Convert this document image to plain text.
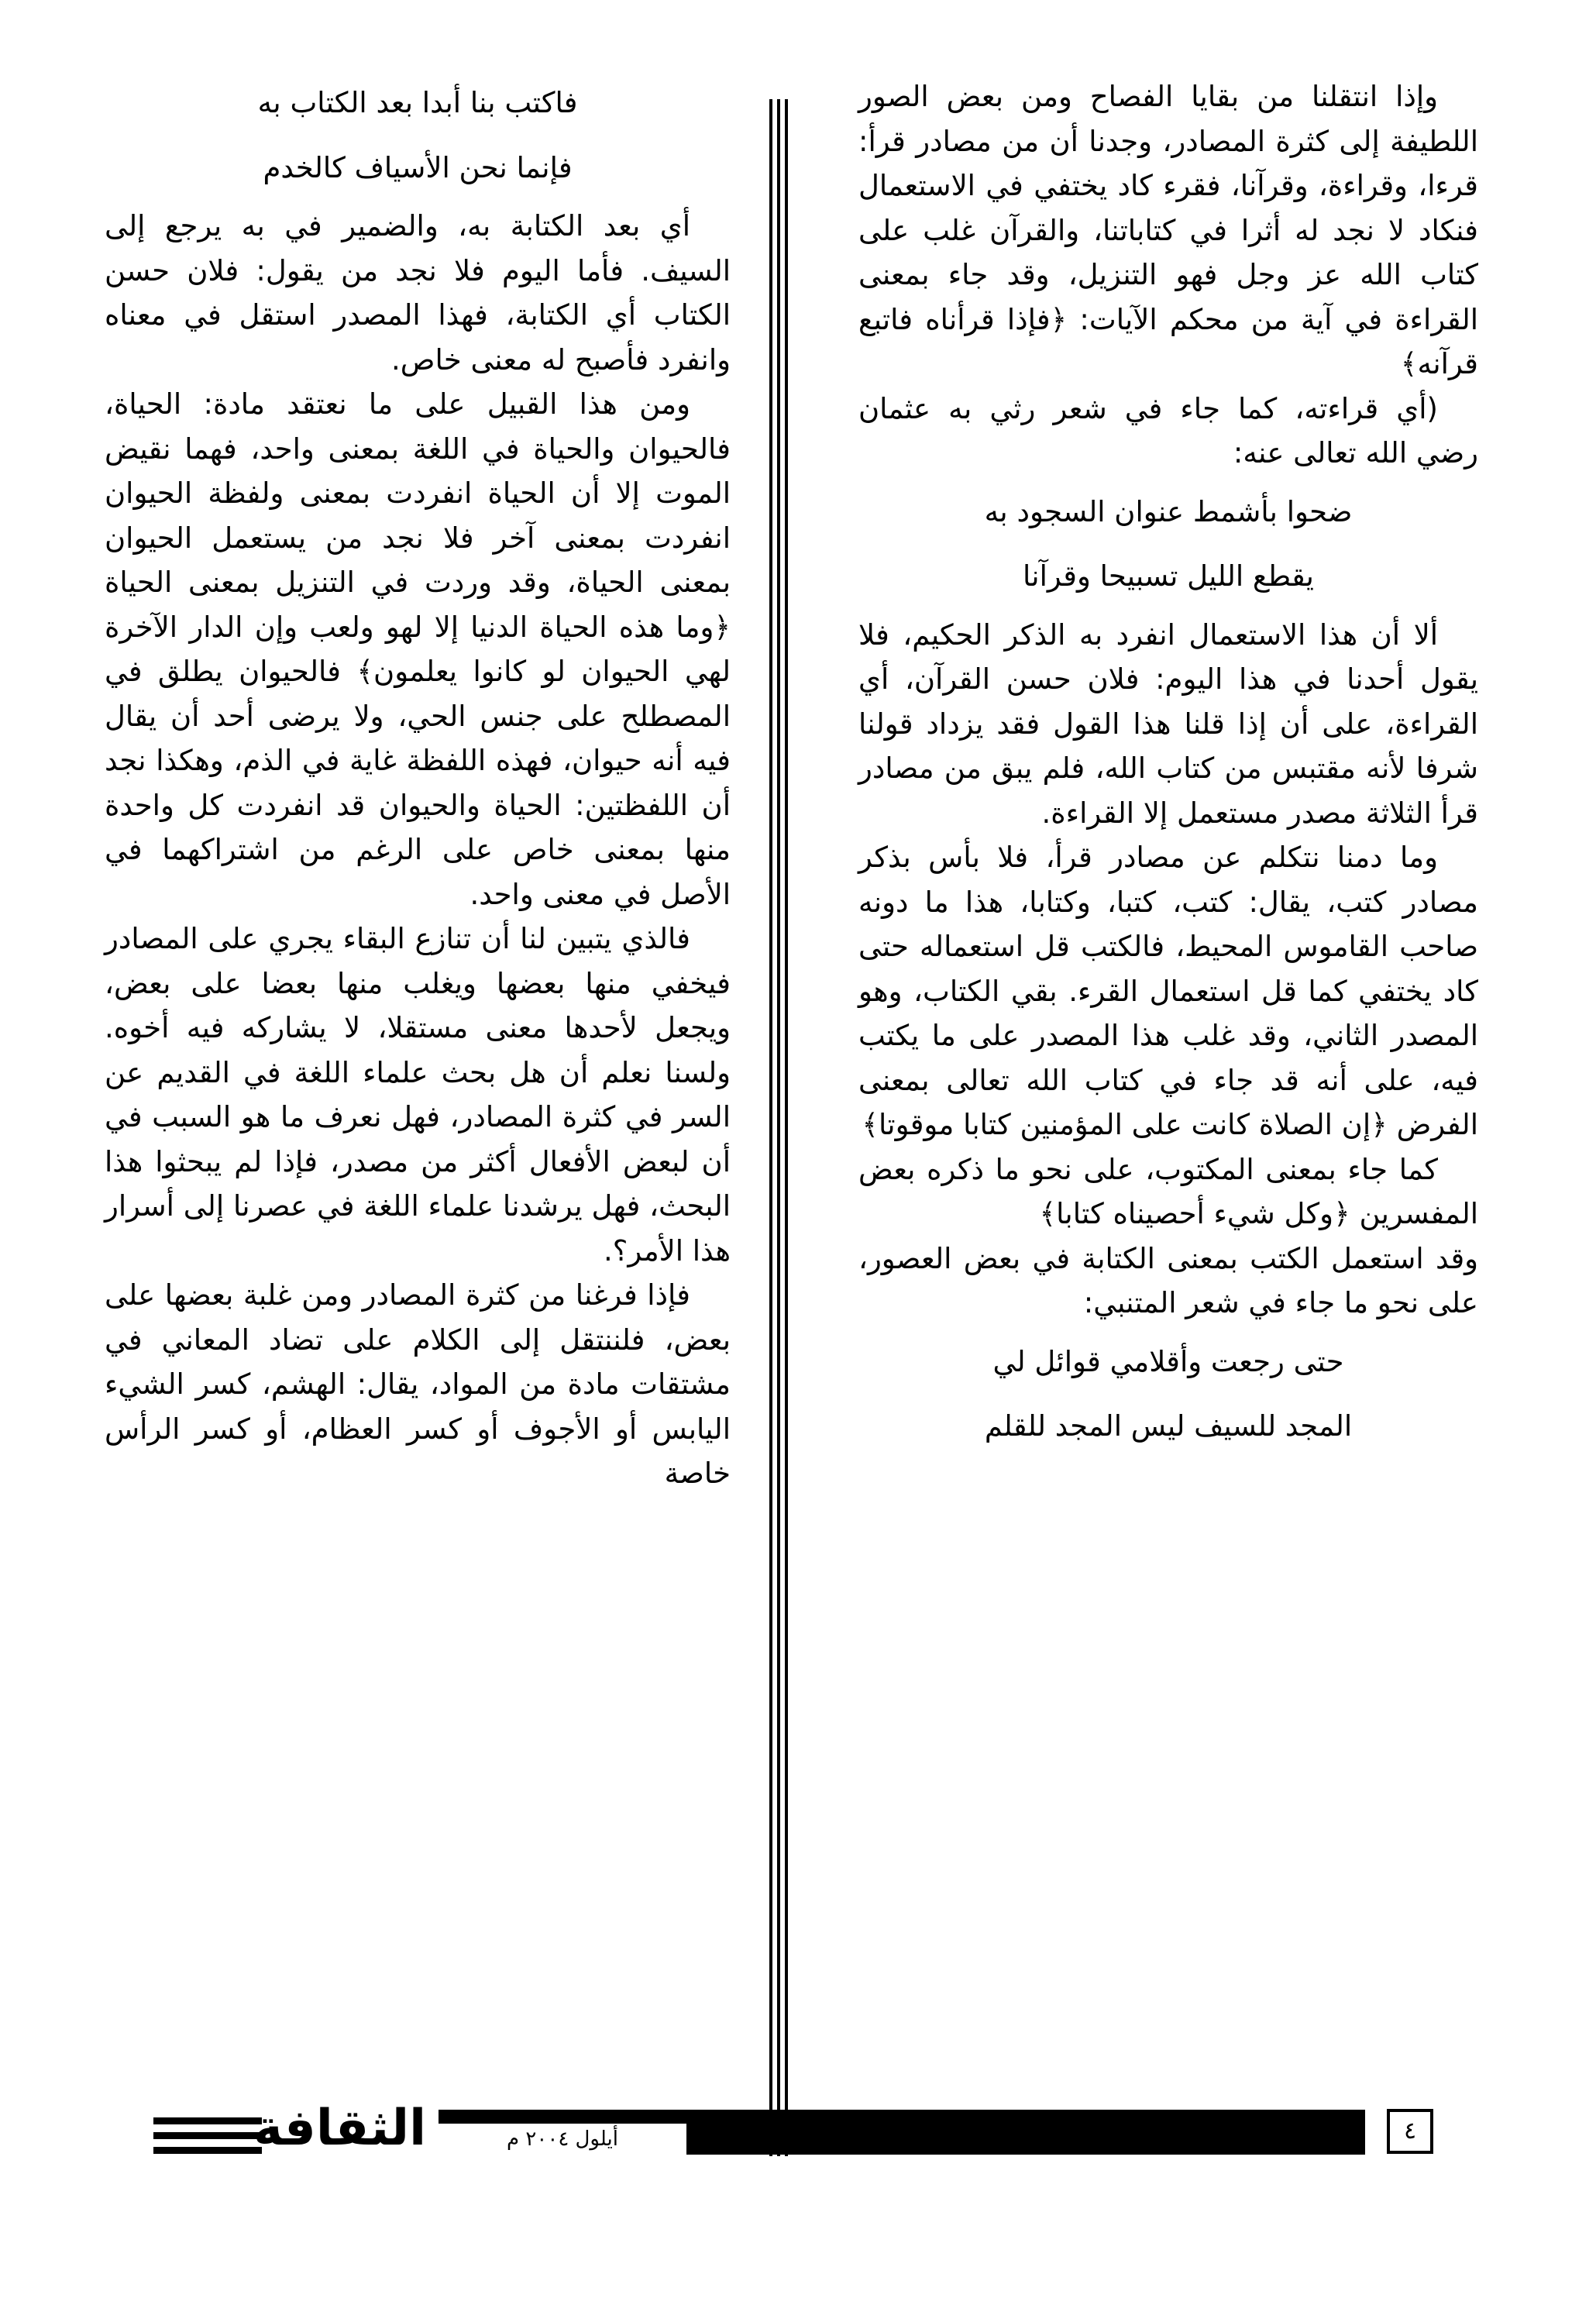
وإذا انتقلنا من بقايا الفصاح ومن بعض الصور اللطيفة إلى كثرة المصادر، وجدنا أن من مصادر قرأ: قرءا، وقراءة، وقرآنا، فقرء كاد يختفي في الاستعمال فنكاد لا نجد له أثرا في كتاباتنا، والقرآن غلب على كتاب الله عز وجل فهو التنزيل، وقد جاء بمعنى القراءة في آية من محكم الآيات: ﴿فإذا قرأناه فاتبع قرآنه﴾

(أي قراءته، كما جاء في شعر رثي به عثمان رضي الله تعالى عنه:

ضحوا بأشمط عنوان السجود به

يقطع الليل تسبيحا وقرآنا

ألا أن هذا الاستعمال انفرد به الذكر الحكيم، فلا يقول أحدنا في هذا اليوم: فلان حسن القرآن، أي القراءة، على أن إذا قلنا هذا القول فقد يزداد قولنا شرفا لأنه مقتبس من كتاب الله، فلم يبق من مصادر قرأ الثلاثة مصدر مستعمل إلا القراءة.

وما دمنا نتكلم عن مصادر قرأ، فلا بأس بذكر مصادر كتب، يقال: كتب، كتبا، وكتابا، هذا ما دونه صاحب القاموس المحيط، فالكتب قل استعماله حتى كاد يختفي كما قل استعمال القرء. بقي الكتاب، وهو المصدر الثاني، وقد غلب هذا المصدر على ما يكتب فيه، على أنه قد جاء في كتاب الله تعالى بمعنى الفرض ﴿إن الصلاة كانت على المؤمنين كتابا موقوتا﴾

كما جاء بمعنى المكتوب، على نحو ما ذكره بعض المفسرين ﴿وكل شيء أحصيناه كتابا﴾

وقد استعمل الكتب بمعنى الكتابة في بعض العصور، على نحو ما جاء في شعر المتنبي:

حتى رجعت وأقلامي قوائل لي

المجد للسيف ليس المجد للقلم

فاكتب بنا أبدا بعد الكتاب به

فإنما نحن الأسياف كالخدم

أي بعد الكتابة به، والضمير في به يرجع إلى السيف. فأما اليوم فلا نجد من يقول: فلان حسن الكتاب أي الكتابة، فهذا المصدر استقل في معناه وانفرد فأصبح له معنى خاص.

ومن هذا القبيل على ما نعتقد مادة: الحياة، فالحيوان والحياة في اللغة بمعنى واحد، فهما نقيض الموت إلا أن الحياة انفردت بمعنى ولفظة الحيوان انفردت بمعنى آخر فلا نجد من يستعمل الحيوان بمعنى الحياة، وقد وردت في التنزيل بمعنى الحياة ﴿وما هذه الحياة الدنيا إلا لهو ولعب وإن الدار الآخرة لهي الحيوان لو كانوا يعلمون﴾ فالحيوان يطلق في المصطلح على جنس الحي، ولا يرضى أحد أن يقال فيه أنه حيوان، فهذه اللفظة غاية في الذم، وهكذا نجد أن اللفظتين: الحياة والحيوان قد انفردت كل واحدة منها بمعنى خاص على الرغم من اشتراكهما في الأصل في معنى واحد.

فالذي يتبين لنا أن تنازع البقاء يجري على المصادر فيخفي منها بعضها ويغلب منها بعضا على بعض، ويجعل لأحدها معنى مستقلا، لا يشاركه فيه أخوه. ولسنا نعلم أن هل بحث علماء اللغة في القديم عن السر في كثرة المصادر، فهل نعرف ما هو السبب في أن لبعض الأفعال أكثر من مصدر، فإذا لم يبحثوا هذا البحث، فهل يرشدنا علماء اللغة في عصرنا إلى أسرار هذا الأمر؟.

فإذا فرغنا من كثرة المصادر ومن غلبة بعضها على بعض، فلننتقل إلى الكلام على تضاد المعاني في مشتقات مادة من المواد، يقال: الهشم، كسر الشيء اليابس أو الأجوف أو كسر العظام، أو كسر الرأس خاصة

الثقافة	أيلول ٢٠٠٤ م	٤
